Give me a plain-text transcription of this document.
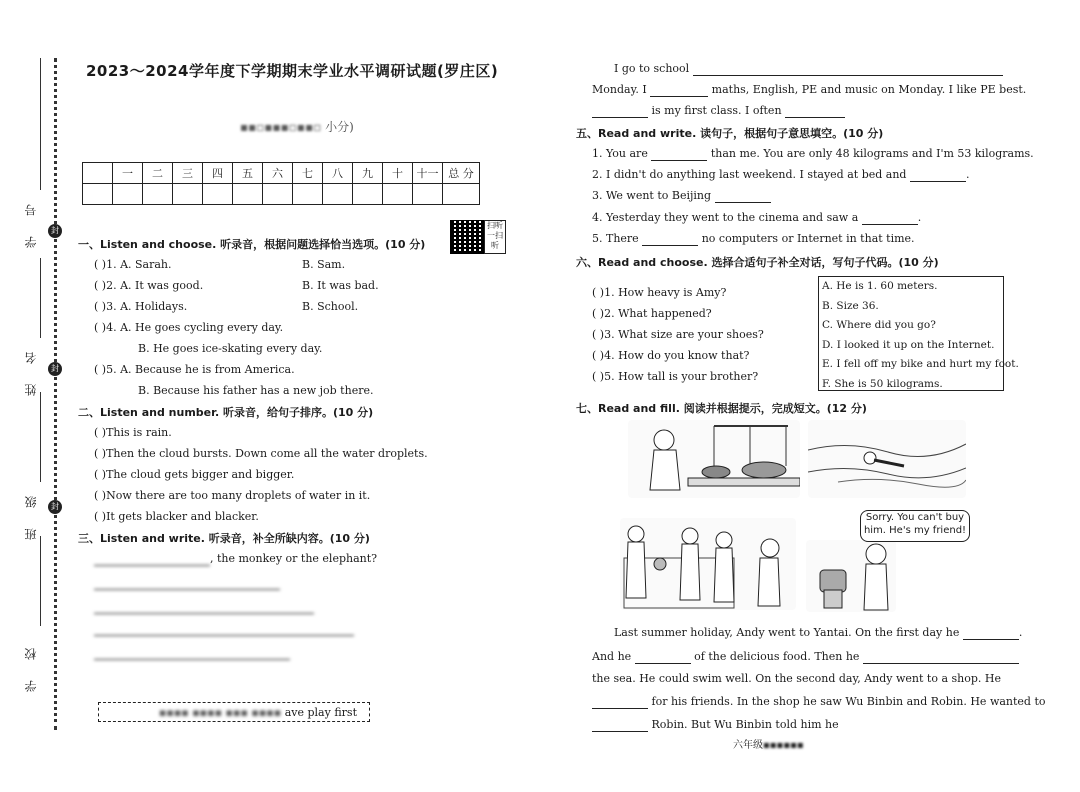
学 号
姓 名
班 级
学 校
封
封
封
2023～2024学年度下学期期末学业水平调研试题(罗庄区)
▪▪▫▪▪▪▫▪▪▫ 小分)
	一	二	三	四	五	六	七	八	九	十	十一	总 分

扫听一扫听
一、Listen and choose. 听录音，根据问题选择恰当选项。(10 分)
( )1. A. Sarah.	B. Sam.
( )2. A. It was good.	B. It was bad.
( )3. A. Holidays.	B. School.
( )4. A. He goes cycling every day.
B. He goes ice-skating every day.
( )5. A. Because he is from America.
B. Because his father has a new job there.
二、Listen and number. 听录音，给句子排序。(10 分)
( )This is rain.
( )Then the cloud bursts. Down come all the water droplets.
( )The cloud gets bigger and bigger.
( )Now there are too many droplets of water in it.
( )It gets blacker and blacker.
三、Listen and write. 听录音，补全所缺内容。(10 分)
, the monkey or the elephant?

▪▪▪▪ ▪▪▪▪ ▪▪▪ ▪▪▪▪ ave play first
I go to school
Monday. I	maths, English, PE and music on Monday. I like PE best.
is my first class. I often
五、Read and write. 读句子，根据句子意思填空。(10 分)
1. You are	than me. You are only 48 kilograms and I'm 53 kilograms.
2. I didn't do anything last weekend. I stayed at bed and	.
3. We went to Beijing
4. Yesterday they went to the cinema and saw a	.
5. There	no computers or Internet in that time.
六、Read and choose. 选择合适句子补全对话，写句子代码。(10 分)
( )1. How heavy is Amy?
( )2. What happened?
( )3. What size are your shoes?
( )4. How do you know that?
( )5. How tall is your brother?
A. He is 1. 60 meters.
B. Size 36.
C. Where did you go?
D. I looked it up on the Internet.
E. I fell off my bike and hurt my foot.
F. She is 50 kilograms.
七、Read and fill. 阅读并根据提示，完成短文。(12 分)
Sorry. You can't buy him. He's my friend!
Last summer holiday, Andy went to Yantai. On the first day he	.
And he	of the delicious food. Then he
the sea. He could swim well. On the second day, Andy went to a shop. He
for his friends. In the shop he saw Wu Binbin and Robin. He wanted to
Robin. But Wu Binbin told him he
六年级▪▪▪▪▪▪
